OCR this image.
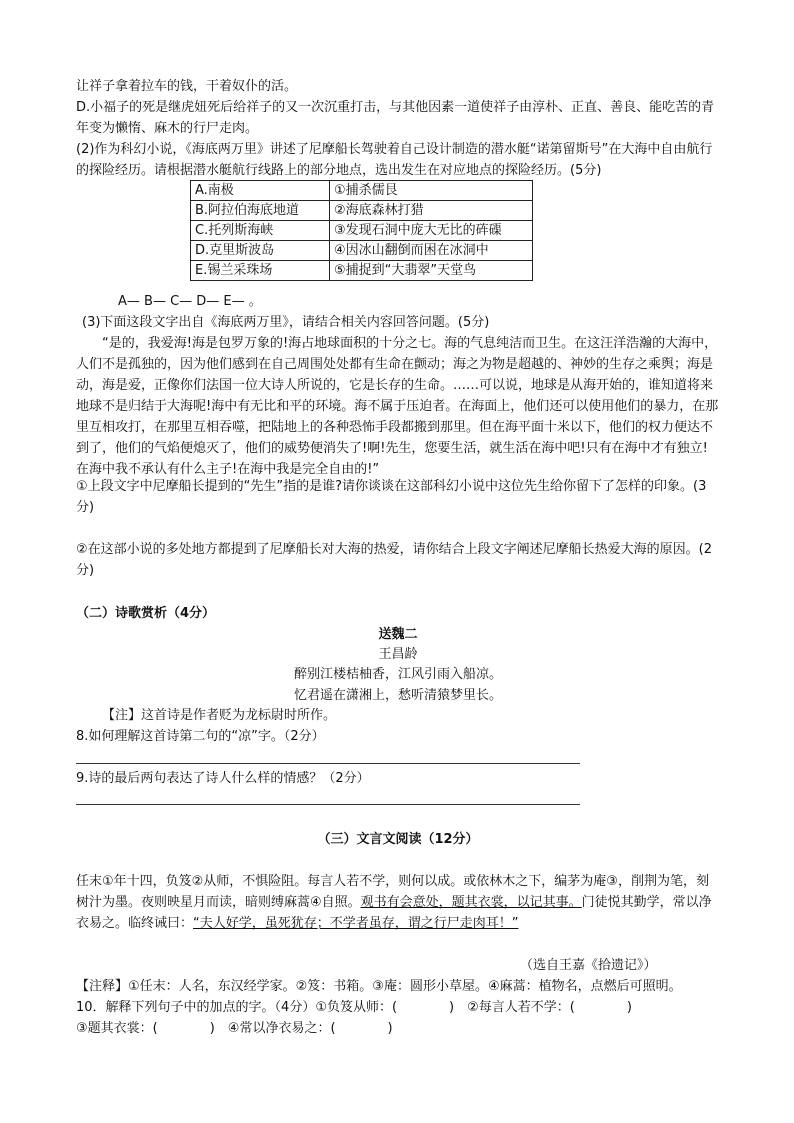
让祥子拿着拉车的钱，干着奴仆的活。

D.小福子的死是继虎妞死后给祥子的又一次沉重打击，与其他因素一道使祥子由淳朴、正直、善良、能吃苦的青年变为懒惰、麻木的行尸走肉。

(2)作为科幻小说，《海底两万里》讲述了尼摩船长驾驶着自己设计制造的潜水艇“诺第留斯号”在大海中自由航行的探险经历。请根据潜水艇航行线路上的部分地点，选出发生在对应地点的探险经历。(5分)

A.南极	①捕杀儒艮
B.阿拉伯海底地道	②海底森林打猎
C.托列斯海峡	③发现石洞中庞大无比的砗磲
D.克里斯波岛	④因冰山翻倒而困在冰洞中
E.锡兰采珠场	⑤捕捉到“大翡翠”天堂鸟

A— B— C— D— E— 。

(3)下面这段文字出自《海底两万里》，请结合相关内容回答问题。(5分)

“是的，我爱海!海是包罗万象的!海占地球面积的十分之七。海的气息纯洁而卫生。在这汪洋浩瀚的大海中，人们不是孤独的，因为他们感到在自己周围处处都有生命在颤动；海之为物是超越的、神妙的生存之乘舆；海是动，海是爱，正像你们法国一位大诗人所说的，它是长存的生命。……可以说，地球是从海开始的，谁知道将来地球不是归结于大海呢!海中有无比和平的环境。海不属于压迫者。在海面上，他们还可以使用他们的暴力，在那里互相攻打，在那里互相吞噬，把陆地上的各种恐怖手段都搬到那里。但在海平面十米以下，他们的权力便达不到了，他们的气焰便熄灭了，他们的威势便消失了!啊!先生，您要生活，就生活在海中吧!只有在海中才有独立!在海中我不承认有什么主子!在海中我是完全自由的!”

①上段文字中尼摩船长提到的“先生”指的是谁?请你谈谈在这部科幻小说中这位先生给你留下了怎样的印象。(3分)

②在这部小说的多处地方都提到了尼摩船长对大海的热爱，请你结合上段文字阐述尼摩船长热爱大海的原因。(2分)

（二）诗歌赏析（4分）

送魏二

王昌龄

醉别江楼桔柚香，江风引雨入船凉。

忆君遥在潇湘上，愁听清猿梦里长。

【注】这首诗是作者贬为龙标尉时所作。

8.如何理解这首诗第二句的“凉”字。（2分）

9.诗的最后两句表达了诗人什么样的情感？（2分）

（三）文言文阅读（12分）

任末①年十四，负笈②从师，不惧险阻。每言人若不学，则何以成。或依林木之下，编茅为庵③，削荆为笔，刻树汁为墨。夜则映星月而读，暗则缚麻蒿④自照。观书有会意处，题其衣裳，以记其事。门徒悦其勤学，常以净衣易之。临终诫曰：“夫人好学，虽死犹存；不学者虽存，谓之行尸走肉耳！”

（选自王嘉《拾遗记》）

【注释】①任末：人名，东汉经学家。②笈：书箱。③庵：圆形小草屋。④麻蒿：植物名，点燃后可照明。

10．解释下列句子中的加点的字。（4分）①负笈从师：(　　　　)　②每言人若不学：(　　　　)

③题其衣裳：(　　　　)　④常以净衣易之：(　　　　)
